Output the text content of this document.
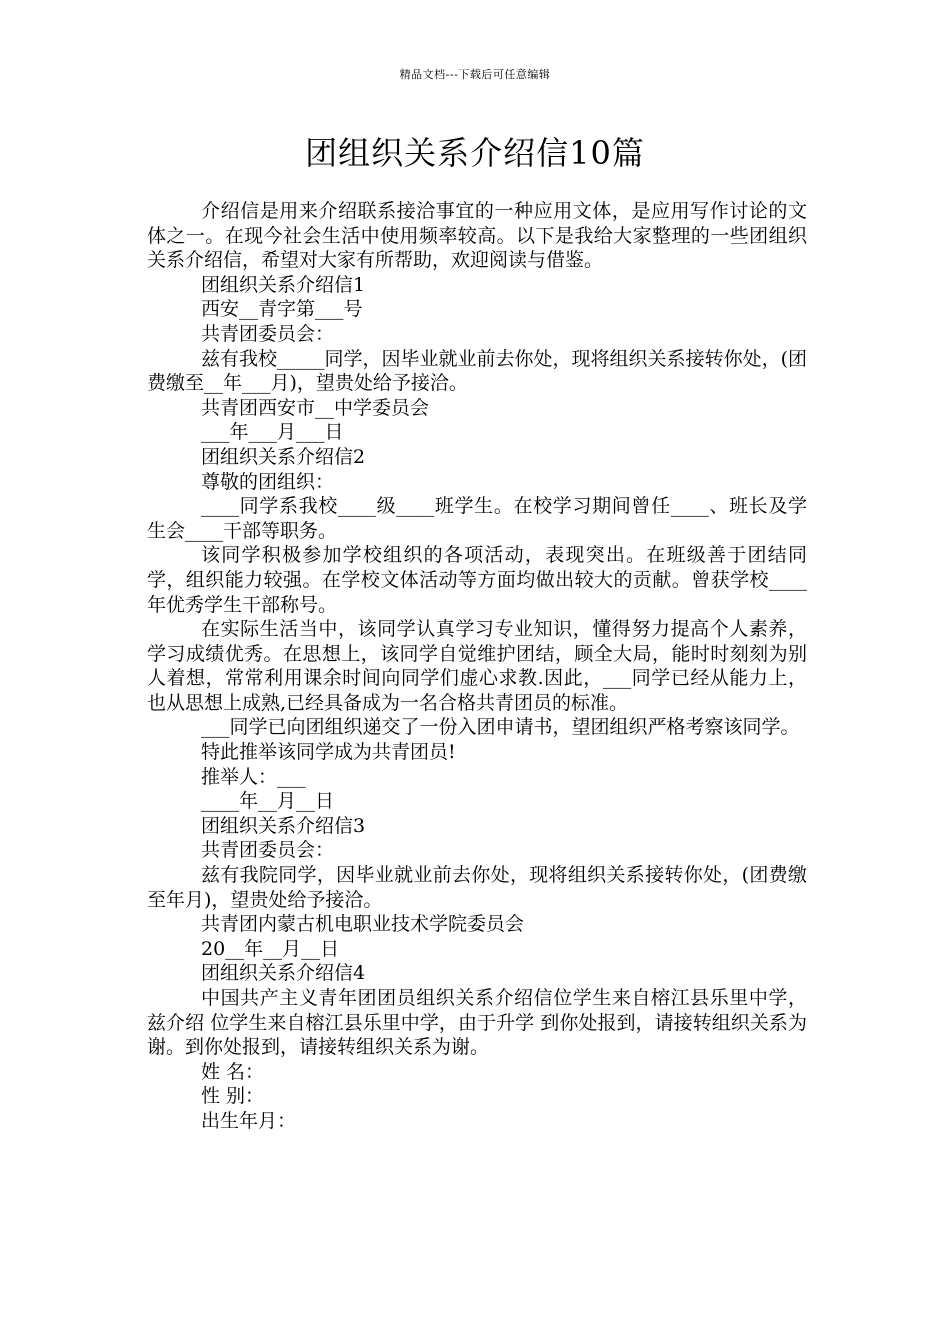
精品文档---下载后可任意编辑
团组织关系介绍信10篇

介绍信是用来介绍联系接洽事宜的一种应用文体，是应用写作讨论的文体之一。在现今社会生活中使用频率较高。以下是我给大家整理的一些团组织关系介绍信，希望对大家有所帮助，欢迎阅读与借鉴。

团组织关系介绍信1

西安__青字第___号

共青团委员会：

兹有我校_____同学，因毕业就业前去你处，现将组织关系接转你处，(团费缴至__年___月)，望贵处给予接洽。

共青团西安市__中学委员会

___年___月___日

团组织关系介绍信2

尊敬的团组织：

____同学系我校____级____班学生。在校学习期间曾任____、班长及学生会____干部等职务。

该同学积极参加学校组织的各项活动，表现突出。在班级善于团结同学，组织能力较强。在学校文体活动等方面均做出较大的贡献。曾获学校____年优秀学生干部称号。

在实际生活当中，该同学认真学习专业知识，懂得努力提高个人素养，学习成绩优秀。在思想上，该同学自觉维护团结，顾全大局，能时时刻刻为别人着想，常常利用课余时间向同学们虚心求教.因此，___同学已经从能力上，也从思想上成熟,已经具备成为一名合格共青团员的标准。

___同学已向团组织递交了一份入团申请书，望团组织严格考察该同学。

特此推举该同学成为共青团员!

推举人：___

____年__月__日

团组织关系介绍信3

共青团委员会：

兹有我院同学，因毕业就业前去你处，现将组织关系接转你处，(团费缴至年月)，望贵处给予接洽。

共青团内蒙古机电职业技术学院委员会

20__年__月__日

团组织关系介绍信4

中国共产主义青年团团员组织关系介绍信位学生来自榕江县乐里中学，兹介绍 位学生来自榕江县乐里中学，由于升学 到你处报到，请接转组织关系为谢。到你处报到，请接转组织关系为谢。

姓 名：

性 别：

出生年月：
